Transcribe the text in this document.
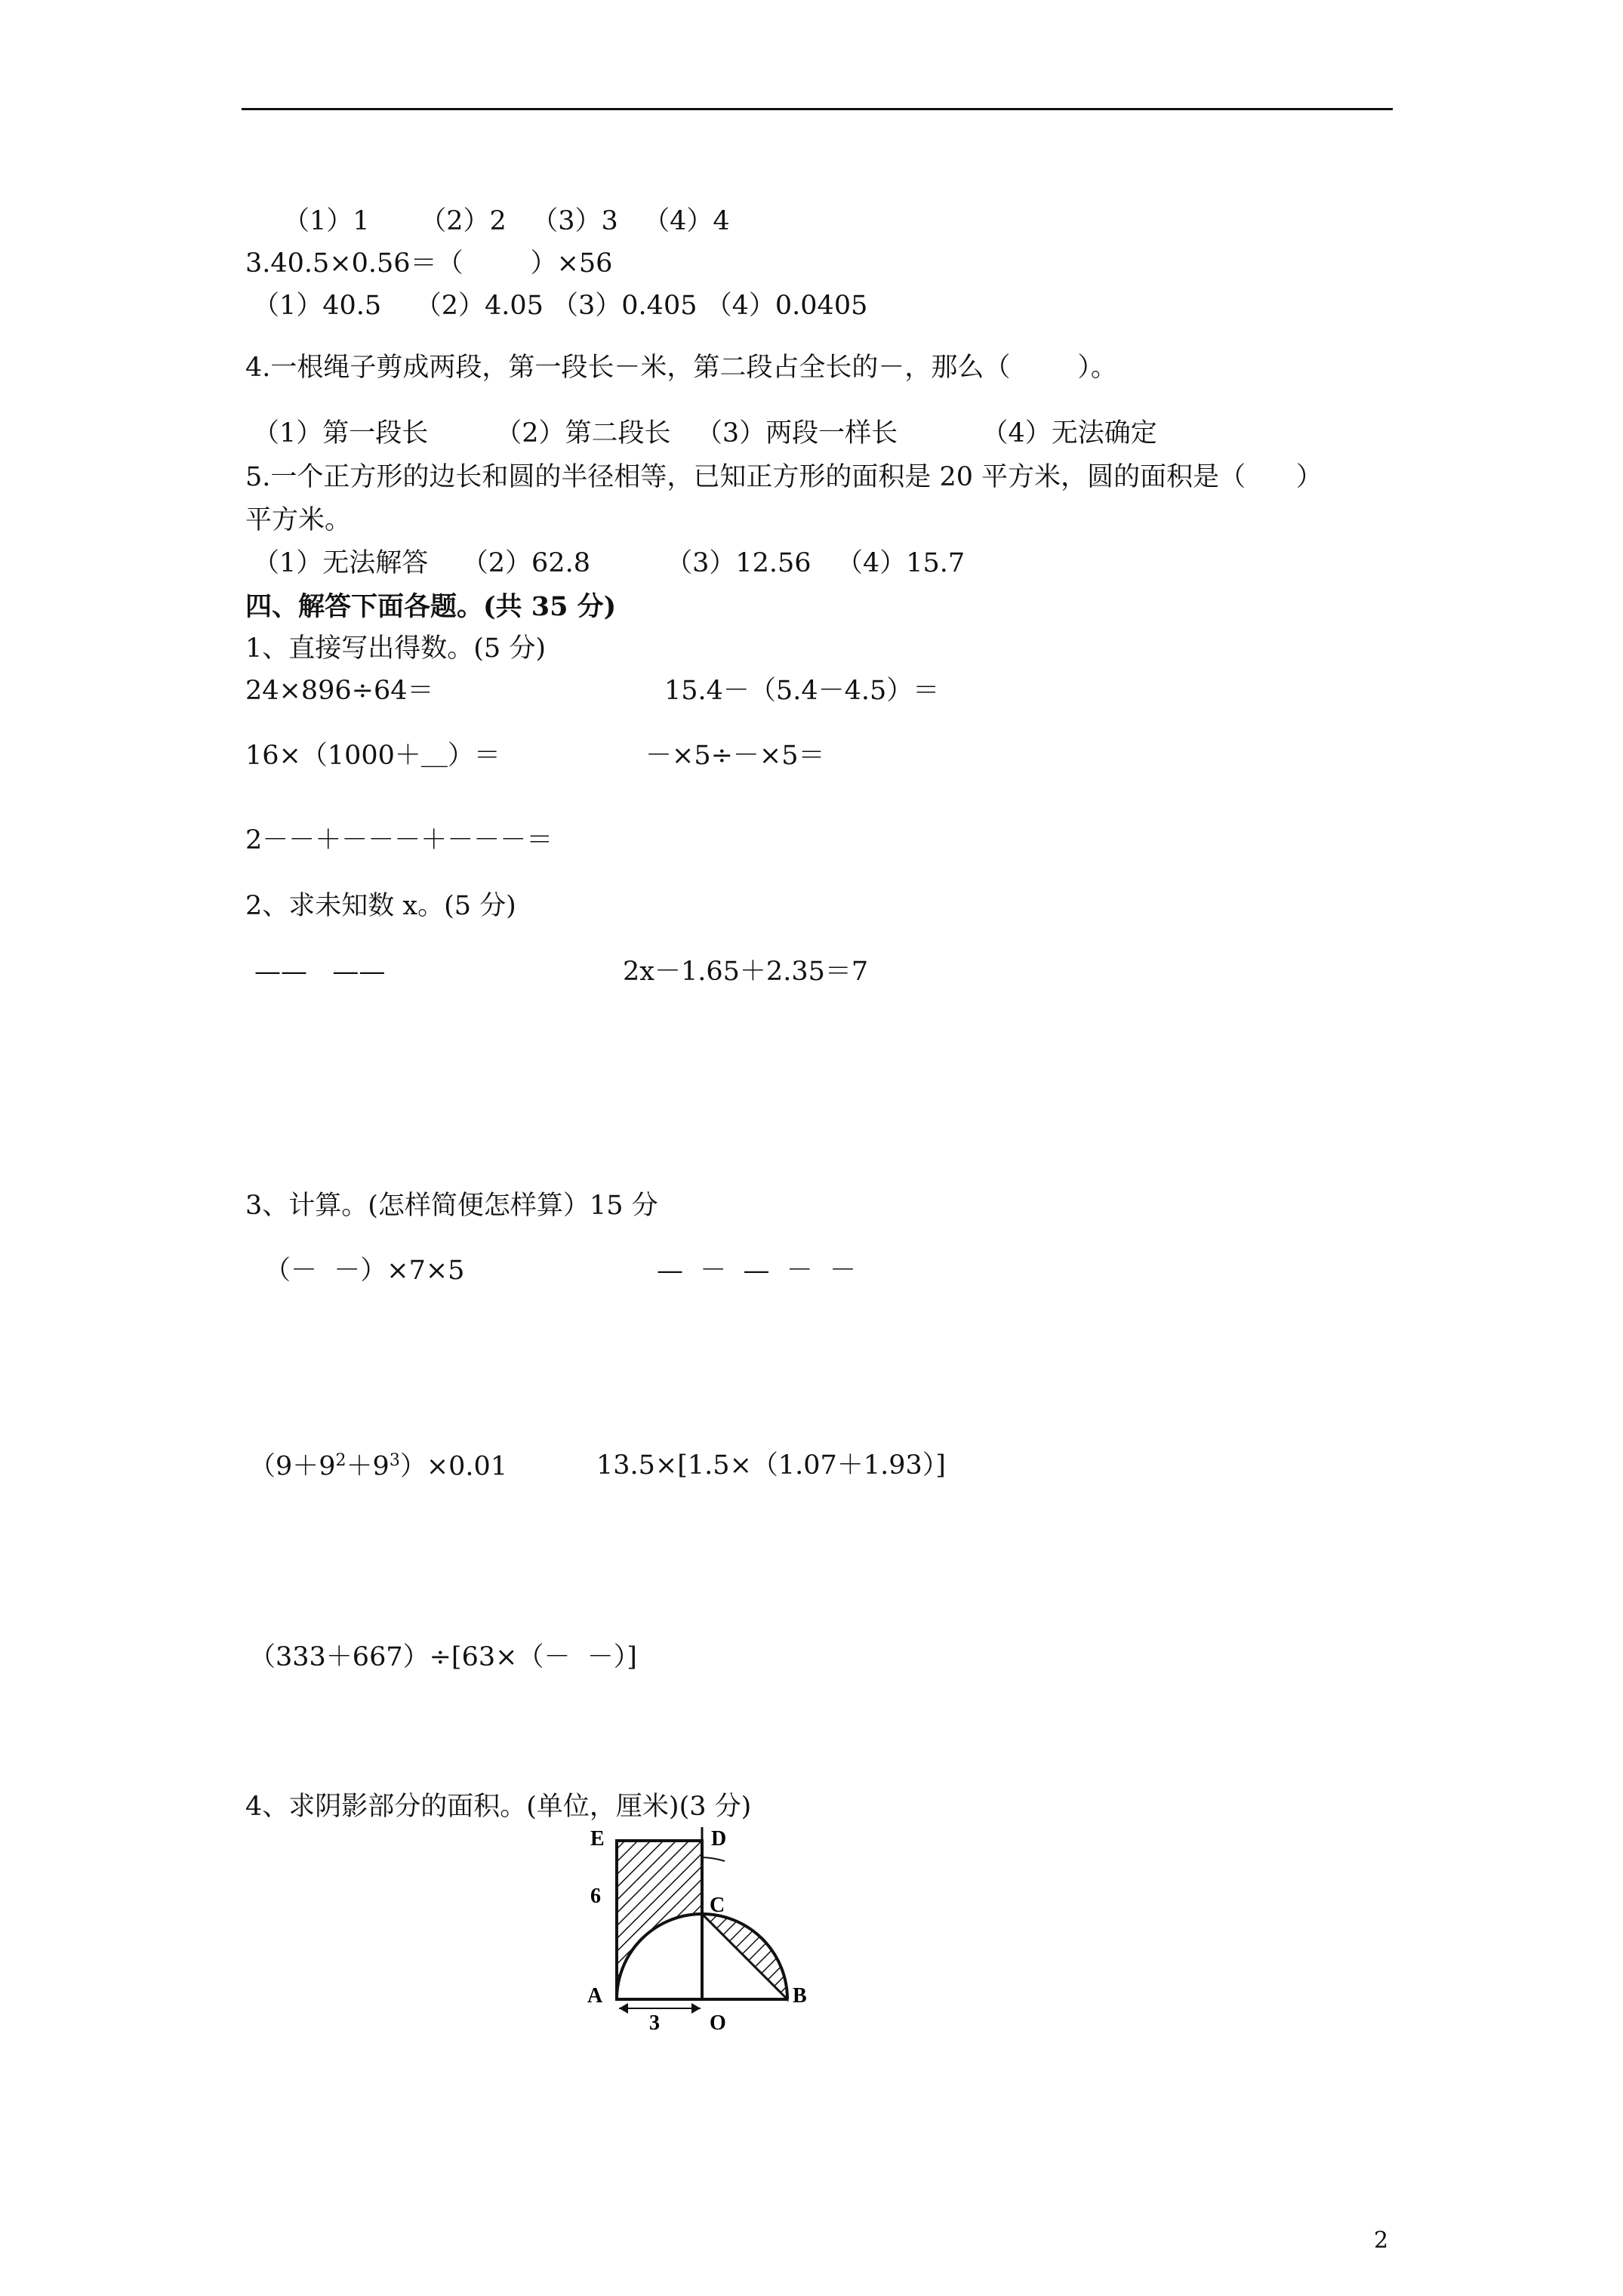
（1）1      （2）2   （3）3   （4）4
3.40.5×0.56＝（        ）×56
（1）40.5    （2）4.05 （3）0.405 （4）0.0405
4.一根绳子剪成两段，第一段长－米，第二段占全长的－，那么（        ）。
（1）第一段长        （2）第二段长   （3）两段一样长          （4）无法确定
5.一个正方形的边长和圆的半径相等，已知正方形的面积是 20 平方米，圆的面积是（      ）
平方米。
（1）无法解答    （2）62.8         （3）12.56   （4）15.7
四、解答下面各题。(共 35 分)
1、直接写出得数。(5 分)
24×896÷64＝	15.4－（5.4－4.5）＝
16×（1000＋＿）＝	－×5÷－×5＝
2－－＋－－－＋－－－＝
2、求未知数 x。(5 分)
——   ——	2x－1.65＋2.35＝7
3、计算。(怎样简便怎样算）15 分
（－  －）×7×5	—  －  —  －  －
$(9+9^2+9^3)\times 0.01$	13.5×[1.5×（1.07＋1.93）]
（333＋667）÷[63×（－  －）]
4、求阴影部分的面积。(单位，厘米)(3 分)
E	D
6	C
A	B
3 O
2
